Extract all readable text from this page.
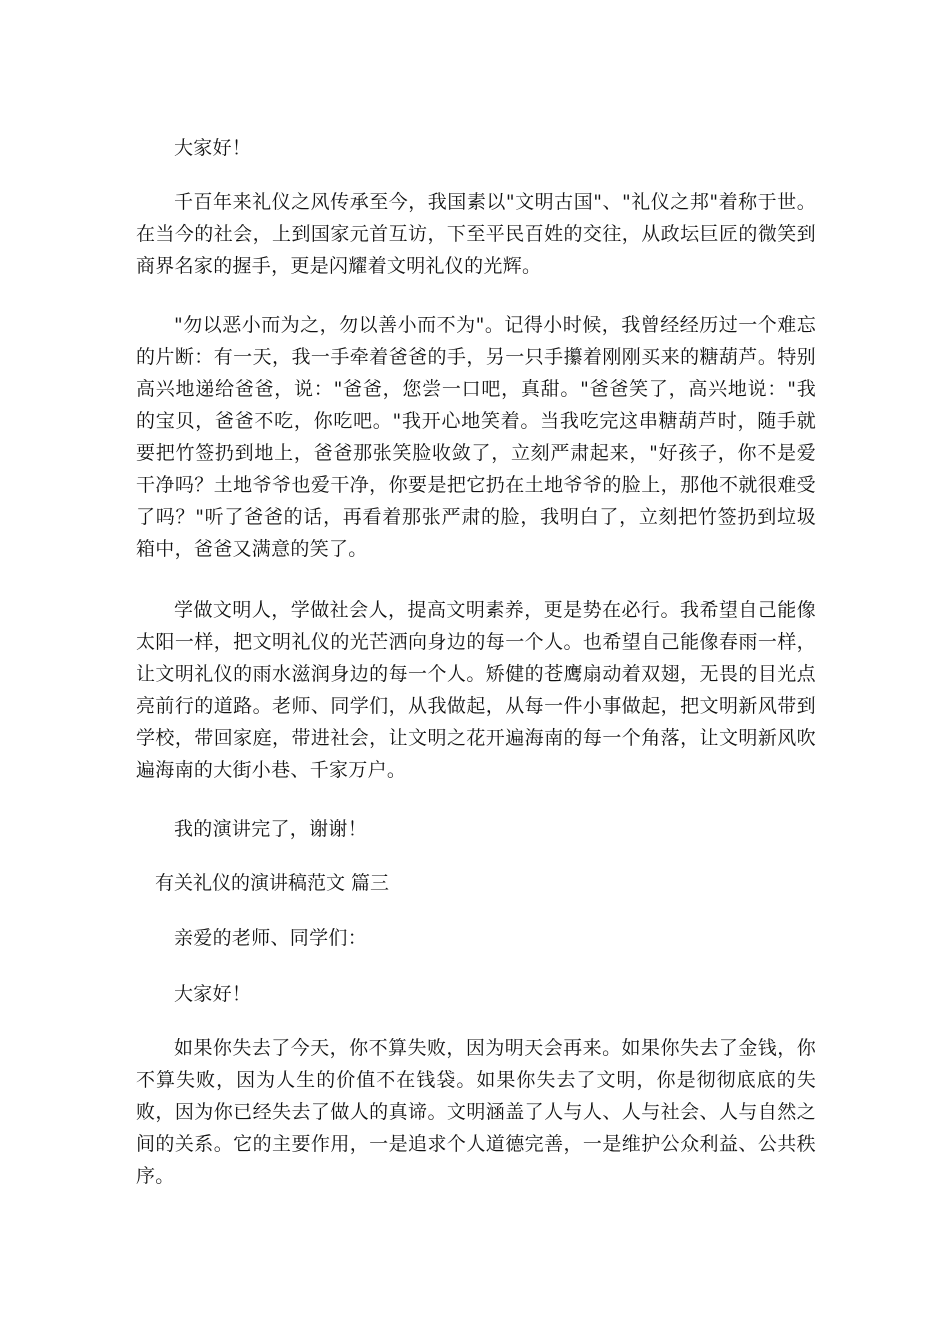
大家好！

千百年来礼仪之风传承至今，我国素以"文明古国"、"礼仪之邦"着称于世。在当今的社会，上到国家元首互访，下至平民百姓的交往，从政坛巨匠的微笑到商界名家的握手，更是闪耀着文明礼仪的光辉。

"勿以恶小而为之，勿以善小而不为"。记得小时候，我曾经经历过一个难忘的片断：有一天，我一手牵着爸爸的手，另一只手攥着刚刚买来的糖葫芦。特别高兴地递给爸爸，说："爸爸，您尝一口吧，真甜。"爸爸笑了，高兴地说："我的宝贝，爸爸不吃，你吃吧。"我开心地笑着。当我吃完这串糖葫芦时，随手就要把竹签扔到地上，爸爸那张笑脸收敛了，立刻严肃起来，"好孩子，你不是爱干净吗？土地爷爷也爱干净，你要是把它扔在土地爷爷的脸上，那他不就很难受了吗？"听了爸爸的话，再看着那张严肃的脸，我明白了，立刻把竹签扔到垃圾箱中，爸爸又满意的笑了。

学做文明人，学做社会人，提高文明素养，更是势在必行。我希望自己能像太阳一样，把文明礼仪的光芒洒向身边的每一个人。也希望自己能像春雨一样，让文明礼仪的雨水滋润身边的每一个人。矫健的苍鹰扇动着双翅，无畏的目光点亮前行的道路。老师、同学们，从我做起，从每一件小事做起，把文明新风带到学校，带回家庭，带进社会，让文明之花开遍海南的每一个角落，让文明新风吹遍海南的大街小巷、千家万户。

我的演讲完了，谢谢！

有关礼仪的演讲稿范文 篇三

亲爱的老师、同学们：

大家好！

如果你失去了今天，你不算失败，因为明天会再来。如果你失去了金钱，你不算失败，因为人生的价值不在钱袋。如果你失去了文明，你是彻彻底底的失败，因为你已经失去了做人的真谛。文明涵盖了人与人、人与社会、人与自然之间的关系。它的主要作用，一是追求个人道德完善，一是维护公众利益、公共秩序。
